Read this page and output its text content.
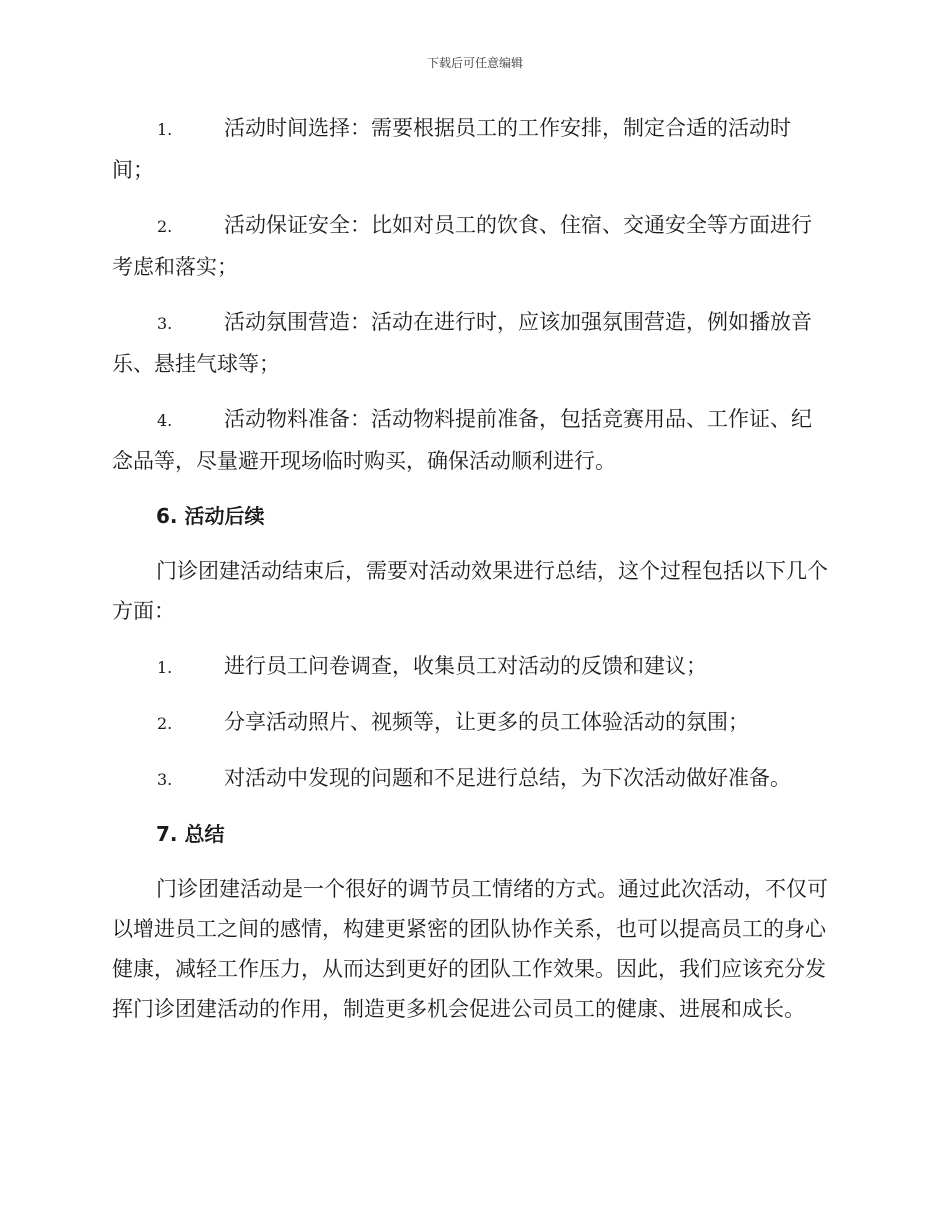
下载后可任意编辑

1. 活动时间选择：需要根据员工的工作安排，制定合适的活动时间；

2. 活动保证安全：比如对员工的饮食、住宿、交通安全等方面进行考虑和落实；

3. 活动氛围营造：活动在进行时，应该加强氛围营造，例如播放音乐、悬挂气球等；

4. 活动物料准备：活动物料提前准备，包括竞赛用品、工作证、纪念品等，尽量避开现场临时购买，确保活动顺利进行。

6. 活动后续

门诊团建活动结束后，需要对活动效果进行总结，这个过程包括以下几个方面：

1. 进行员工问卷调查，收集员工对活动的反馈和建议；

2. 分享活动照片、视频等，让更多的员工体验活动的氛围；

3. 对活动中发现的问题和不足进行总结，为下次活动做好准备。

7. 总结

门诊团建活动是一个很好的调节员工情绪的方式。通过此次活动，不仅可以增进员工之间的感情，构建更紧密的团队协作关系，也可以提高员工的身心健康，减轻工作压力，从而达到更好的团队工作效果。因此，我们应该充分发挥门诊团建活动的作用，制造更多机会促进公司员工的健康、进展和成长。
